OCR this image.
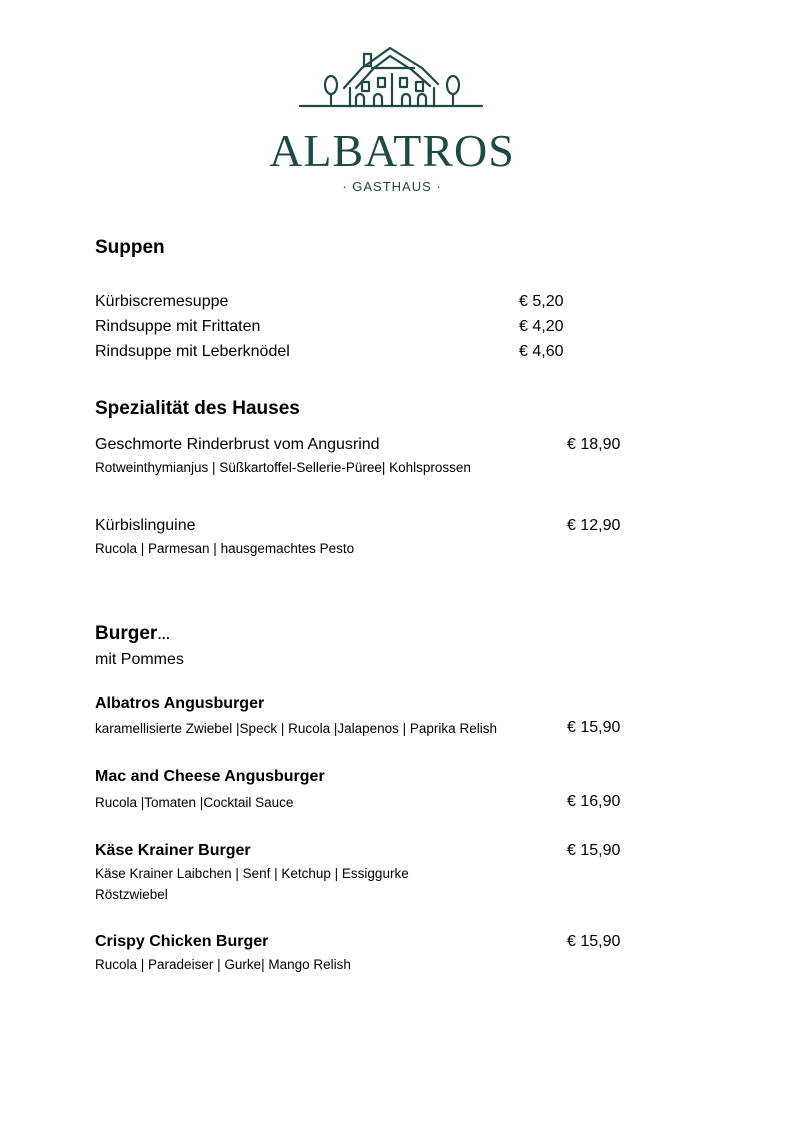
ALBATROS
· GASTHAUS ·
Suppen
Kürbiscremesuppe	€ 5,20
Rindsuppe mit Frittaten	€ 4,20
Rindsuppe mit Leberknödel	€ 4,60
Spezialität des Hauses
Geschmorte Rinderbrust vom Angusrind	€ 18,90
Rotweinthymianjus | Süßkartoffel-Sellerie-Püree| Kohlsprossen
Kürbislinguine	€ 12,90
Rucola | Parmesan | hausgemachtes Pesto
Burger…
mit Pommes
Albatros Angusburger
karamellisierte Zwiebel |Speck | Rucola |Jalapenos | Paprika Relish	€ 15,90
Mac and Cheese Angusburger
Rucola |Tomaten |Cocktail Sauce	€ 16,90
Käse Krainer Burger	€ 15,90
Käse Krainer Laibchen | Senf | Ketchup | Essiggurke
Röstzwiebel
Crispy Chicken Burger	€ 15,90
Rucola | Paradeiser | Gurke| Mango Relish
